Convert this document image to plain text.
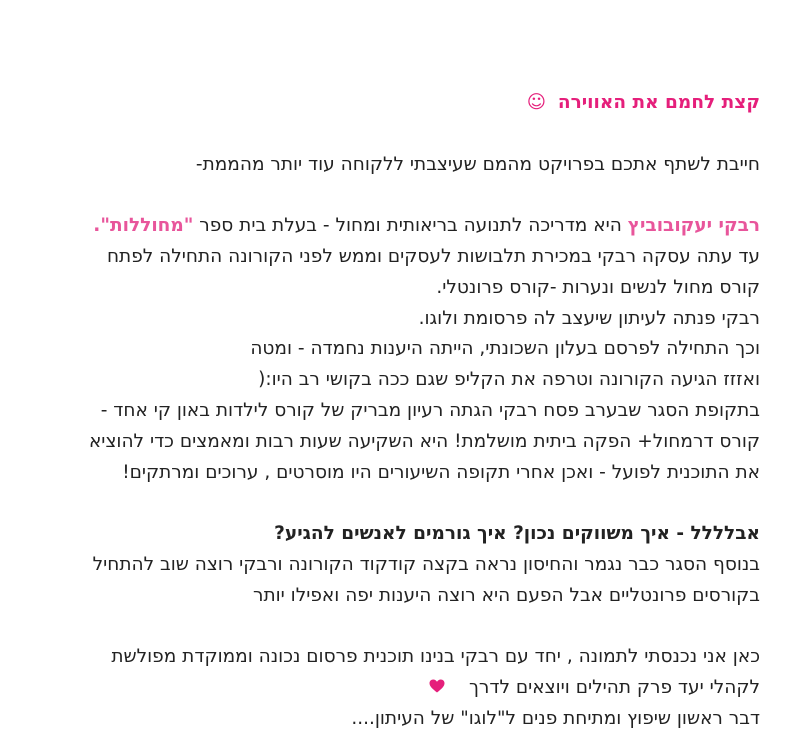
קצת לחמם את האווירה ☺
חייבת לשתף אתכם בפרויקט מהמם שעיצבתי ללקוחה עוד יותר מהממת-
רבקי יעקובוביץ היא מדריכה לתנועה בריאותית ומחול - בעלת בית ספר "מחוללות".
עד עתה עסקה רבקי במכירת תלבושות לעסקים וממש לפני הקורונה התחילה לפתח
קורס מחול לנשים ונערות -קורס פרונטלי.
רבקי פנתה לעיתון שיעצב לה פרסומת ולוגו.
וכך התחילה לפרסם בעלון השכונתי, הייתה היענות נחמדה - ומטה
ואזזז הגיעה הקורונה וטרפה את הקליפ שגם ככה בקושי רב היו:(
בתקופת הסגר שבערב פסח רבקי הגתה רעיון מבריק של קורס לילדות באון קי אחד -
קורס דרמחול+ הפקה ביתית מושלמת! היא השקיעה שעות רבות ומאמצים כדי להוציא
את התוכנית לפועל - ואכן אחרי תקופה השיעורים היו מוסרטים , ערוכים ומרתקים!
אבלללל - איך משווקים נכון? איך גורמים לאנשים להגיע?
בנוסף הסגר כבר נגמר והחיסון נראה בקצה קודקוד הקורונה ורבקי רוצה שוב להתחיל
בקורסים פרונטליים אבל הפעם היא רוצה היענות יפה ואפילו יותר
כאן אני נכנסתי לתמונה , יחד עם רבקי בנינו תוכנית פרסום נכונה וממוקדת מפולשת
לקהלי יעד פרק תהילים ויוצאים לדרך
דבר ראשון שיפוץ ומתיחת פנים ל"לוגו" של העיתון....
